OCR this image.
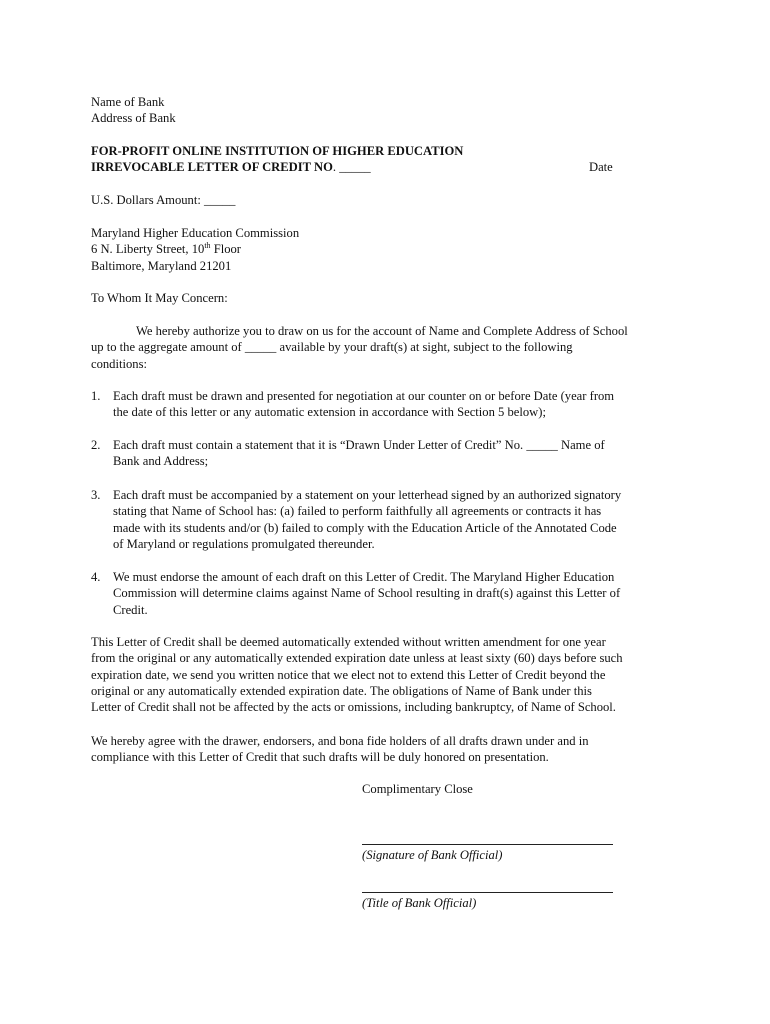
Name of Bank
Address of Bank
FOR-PROFIT ONLINE INSTITUTION OF HIGHER EDUCATION
IRREVOCABLE LETTER OF CREDIT NO. _____	Date
U.S. Dollars Amount: _____
Maryland Higher Education Commission
6 N. Liberty Street, 10th Floor
Baltimore, Maryland 21201
To Whom It May Concern:
We hereby authorize you to draw on us for the account of Name and Complete Address of School
up to the aggregate amount of _____ available by your draft(s) at sight, subject to the following
conditions:
1. Each draft must be drawn and presented for negotiation at our counter on or before Date (year from
the date of this letter or any automatic extension in accordance with Section 5 below);
2. Each draft must contain a statement that it is “Drawn Under Letter of Credit” No. _____ Name of
Bank and Address;
3. Each draft must be accompanied by a statement on your letterhead signed by an authorized signatory
stating that Name of School has: (a) failed to perform faithfully all agreements or contracts it has
made with its students and/or (b) failed to comply with the Education Article of the Annotated Code
of Maryland or regulations promulgated thereunder.
4. We must endorse the amount of each draft on this Letter of Credit. The Maryland Higher Education
Commission will determine claims against Name of School resulting in draft(s) against this Letter of
Credit.
This Letter of Credit shall be deemed automatically extended without written amendment for one year
from the original or any automatically extended expiration date unless at least sixty (60) days before such
expiration date, we send you written notice that we elect not to extend this Letter of Credit beyond the
original or any automatically extended expiration date. The obligations of Name of Bank under this
Letter of Credit shall not be affected by the acts or omissions, including bankruptcy, of Name of School.
We hereby agree with the drawer, endorsers, and bona fide holders of all drafts drawn under and in
compliance with this Letter of Credit that such drafts will be duly honored on presentation.
Complimentary Close
(Signature of Bank Official)
(Title of Bank Official)
